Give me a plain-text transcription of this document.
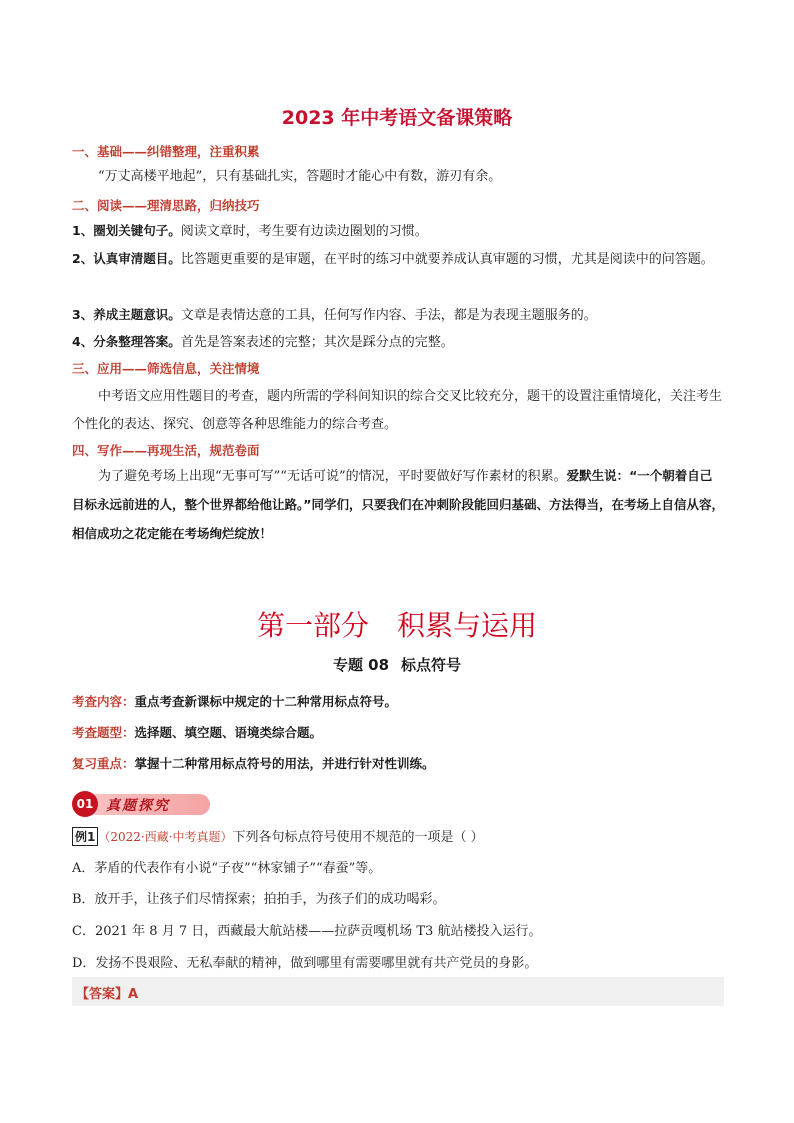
2023 年中考语文备课策略
一、基础——纠错整理，注重积累
“万丈高楼平地起”，只有基础扎实，答题时才能心中有数，游刃有余。
二、阅读——理清思路，归纳技巧
1、圈划关键句子。阅读文章时，考生要有边读边圈划的习惯。
2、认真审清题目。比答题更重要的是审题，在平时的练习中就要养成认真审题的习惯，尤其是阅读中的问答题。
3、养成主题意识。文章是表情达意的工具，任何写作内容、手法，都是为表现主题服务的。
4、分条整理答案。首先是答案表述的完整；其次是踩分点的完整。
三、应用——筛选信息，关注情境
中考语文应用性题目的考查，题内所需的学科间知识的综合交叉比较充分，题干的设置注重情境化，关注考生个性化的表达、探究、创意等各种思维能力的综合考查。
四、写作——再现生活，规范卷面
为了避免考场上出现“无事可写”“无话可说”的情况，平时要做好写作素材的积累。爱默生说：“一个朝着自己目标永远前进的人，整个世界都给他让路。”同学们，只要我们在冲刺阶段能回归基础、方法得当，在考场上自信从容，相信成功之花定能在考场绚烂绽放！
第一部分 积累与运用
专题 08 标点符号
考查内容：重点考查新课标中规定的十二种常用标点符号。
考查题型：选择题、填空题、语境类综合题。
复习重点：掌握十二种常用标点符号的用法，并进行针对性训练。
01 真题探究
例1 （2022·西藏·中考真题）下列各句标点符号使用不规范的一项是（ ）
A．茅盾的代表作有小说“子夜”“林家铺子”“春蚕”等。
B．放开手，让孩子们尽情探索；拍拍手，为孩子们的成功喝彩。
C．2021 年 8 月 7 日，西藏最大航站楼——拉萨贡嘎机场 T3 航站楼投入运行。
D．发扬不畏艰险、无私奉献的精神，做到哪里有需要哪里就有共产党员的身影。
【答案】A
